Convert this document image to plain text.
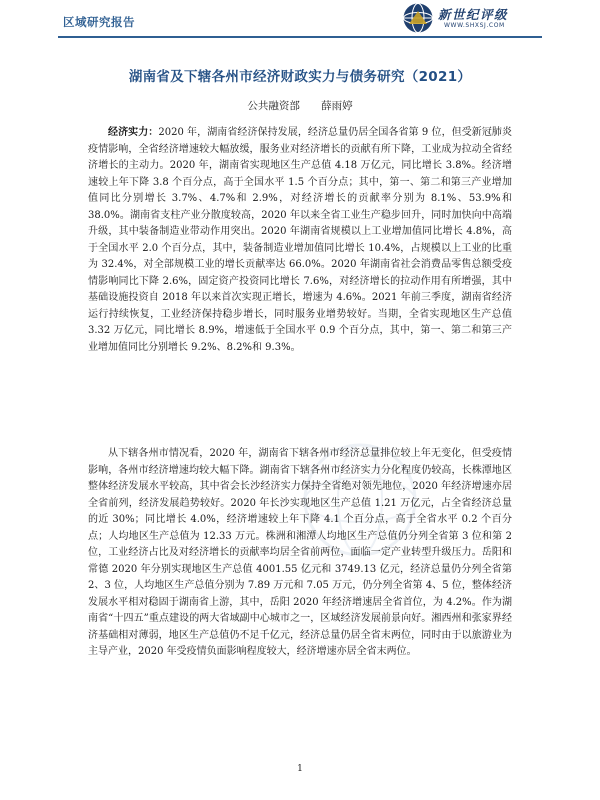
区域研究报告	新世纪评级
WWW.SHXSJ.COM
湖南省及下辖各州市经济财政实力与债务研究（2021）
公共融资部 薛雨婷

经济实力：2020 年，湖南省经济保持发展，经济总量仍居全国各省第 9 位，但受新冠肺炎疫情影响，全省经济增速较大幅放缓，服务业对经济增长的贡献有所下降，工业成为拉动全省经济增长的主动力。2020 年，湖南省实现地区生产总值 4.18 万亿元，同比增长 3.8%。经济增速较上年下降 3.8 个百分点，高于全国水平 1.5 个百分点；其中，第一、第二和第三产业增加值同比分别增长 3.7%、4.7%和 2.9%，对经济增长的贡献率分别为 8.1%、53.9%和 38.0%。湖南省支柱产业分散度较高，2020 年以来全省工业生产稳步回升，同时加快向中高端升级，其中装备制造业带动作用突出。2020 年湖南省规模以上工业增加值同比增长 4.8%，高于全国水平 2.0 个百分点，其中，装备制造业增加值同比增长 10.4%，占规模以上工业的比重为 32.4%，对全部规模工业的增长贡献率达 66.0%。2020 年湖南省社会消费品零售总额受疫情影响同比下降 2.6%，固定资产投资同比增长 7.6%，对经济增长的拉动作用有所增强，其中基础设施投资自 2018 年以来首次实现正增长，增速为 4.6%。2021 年前三季度，湖南省经济运行持续恢复，工业经济保持稳步增长，同时服务业增势较好。当期，全省实现地区生产总值 3.32 万亿元，同比增长 8.9%，增速低于全国水平 0.9 个百分点，其中，第一、第二和第三产业增加值同比分别增长 9.2%、8.2%和 9.3%。

从下辖各州市情况看，2020 年，湖南省下辖各州市经济总量排位较上年无变化，但受疫情影响，各州市经济增速均较大幅下降。湖南省下辖各州市经济实力分化程度仍较高，长株潭地区整体经济发展水平较高，其中省会长沙经济实力保持全省绝对领先地位，2020 年经济增速亦居全省前列，经济发展趋势较好。2020 年长沙实现地区生产总值 1.21 万亿元，占全省经济总量的近 30%；同比增长 4.0%，经济增速较上年下降 4.1 个百分点，高于全省水平 0.2 个百分点；人均地区生产总值为 12.33 万元。株洲和湘潭人均地区生产总值仍分列全省第 3 位和第 2 位，工业经济占比及对经济增长的贡献率均居全省前两位，面临一定产业转型升级压力。岳阳和常德 2020 年分别实现地区生产总值 4001.55 亿元和 3749.13 亿元，经济总量仍分列全省第 2、3 位，人均地区生产总值分别为 7.89 万元和 7.05 万元，仍分列全省第 4、5 位，整体经济发展水平相对稳固于湖南省上游，其中，岳阳 2020 年经济增速居全省首位，为 4.2%。作为湖南省“十四五”重点建设的两大省域副中心城市之一，区域经济发展前景向好。湘西州和张家界经济基础相对薄弱，地区生产总值仍不足千亿元，经济总量仍居全省末两位，同时由于以旅游业为主导产业，2020 年受疫情负面影响程度较大，经济增速亦居全省末两位。

1
